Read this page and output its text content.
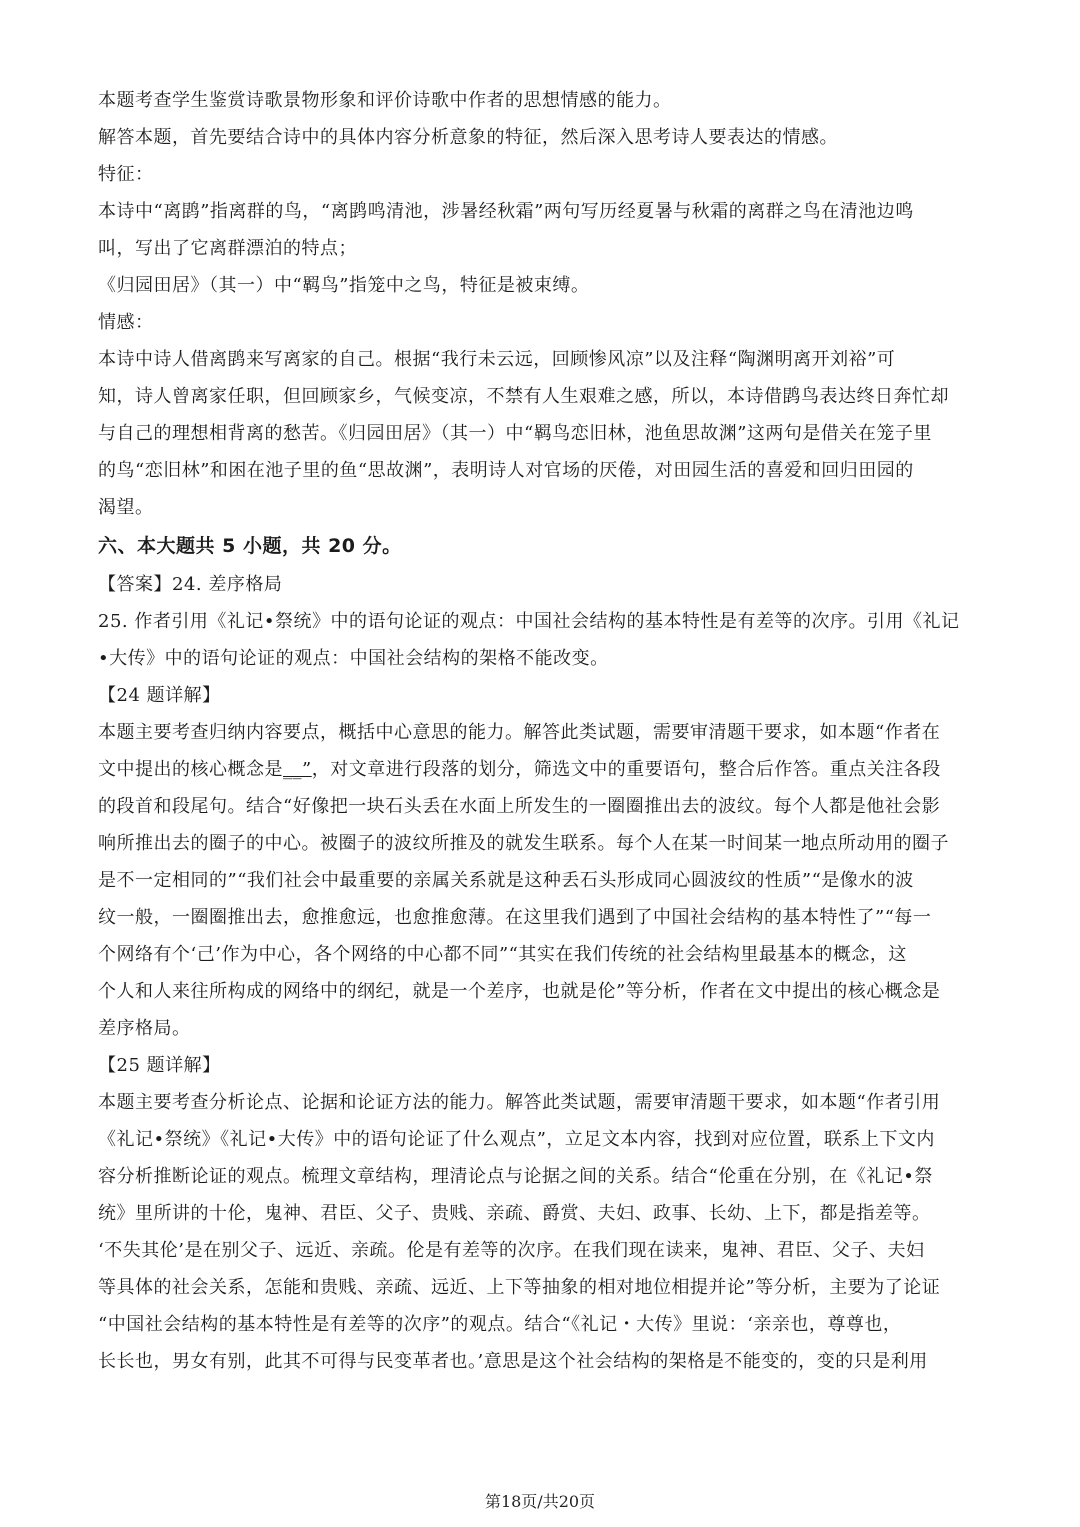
本题考查学生鉴赏诗歌景物形象和评价诗歌中作者的思想情感的能力。
解答本题，首先要结合诗中的具体内容分析意象的特征，然后深入思考诗人要表达的情感。
特征：
本诗中“离鹍”指离群的鸟，“离鹍鸣清池，涉暑经秋霜”两句写历经夏暑与秋霜的离群之鸟在清池边鸣
叫，写出了它离群漂泊的特点；
《归园田居》（其一）中“羁鸟”指笼中之鸟，特征是被束缚。
情感：
本诗中诗人借离鹍来写离家的自己。根据“我行未云远，回顾惨风凉”以及注释“陶渊明离开刘裕”可
知，诗人曾离家任职，但回顾家乡，气候变凉，不禁有人生艰难之感，所以，本诗借鹍鸟表达终日奔忙却
与自己的理想相背离的愁苦。《归园田居》（其一）中“羁鸟恋旧林，池鱼思故渊”这两句是借关在笼子里
的鸟“恋旧林”和困在池子里的鱼“思故渊”，表明诗人对官场的厌倦，对田园生活的喜爱和回归田园的
渴望。
六、本大题共 5 小题，共 20 分。
【答案】24. 差序格局
25. 作者引用《礼记•祭统》中的语句论证的观点：中国社会结构的基本特性是有差等的次序。引用《礼记
•大传》中的语句论证的观点：中国社会结构的架格不能改变。
【24 题详解】
本题主要考查归纳内容要点，概括中心意思的能力。解答此类试题，需要审清题干要求，如本题“作者在
文中提出的核心概念是__”，对文章进行段落的划分，筛选文中的重要语句，整合后作答。重点关注各段
的段首和段尾句。结合“好像把一块石头丢在水面上所发生的一圈圈推出去的波纹。每个人都是他社会影
响所推出去的圈子的中心。被圈子的波纹所推及的就发生联系。每个人在某一时间某一地点所动用的圈子
是不一定相同的”“我们社会中最重要的亲属关系就是这种丢石头形成同心圆波纹的性质”“是像水的波
纹一般，一圈圈推出去，愈推愈远，也愈推愈薄。在这里我们遇到了中国社会结构的基本特性了”“每一
个网络有个‘己’作为中心，各个网络的中心都不同”“其实在我们传统的社会结构里最基本的概念，这
个人和人来往所构成的网络中的纲纪，就是一个差序，也就是伦”等分析，作者在文中提出的核心概念是
差序格局。
【25 题详解】
本题主要考查分析论点、论据和论证方法的能力。解答此类试题，需要审清题干要求，如本题“作者引用
《礼记•祭统》《礼记•大传》中的语句论证了什么观点”，立足文本内容，找到对应位置，联系上下文内
容分析推断论证的观点。梳理文章结构，理清论点与论据之间的关系。结合“伦重在分别，在《礼记•祭
统》里所讲的十伦，鬼神、君臣、父子、贵贱、亲疏、爵赏、夫妇、政事、长幼、上下，都是指差等。
‘不失其伦’是在别父子、远近、亲疏。伦是有差等的次序。在我们现在读来，鬼神、君臣、父子、夫妇
等具体的社会关系，怎能和贵贱、亲疏、远近、上下等抽象的相对地位相提并论”等分析，主要为了论证
“中国社会结构的基本特性是有差等的次序”的观点。结合“《礼记・大传》里说：‘亲亲也，尊尊也，
长长也，男女有别，此其不可得与民变革者也。’意思是这个社会结构的架格是不能变的，变的只是利用
第18页/共20页
